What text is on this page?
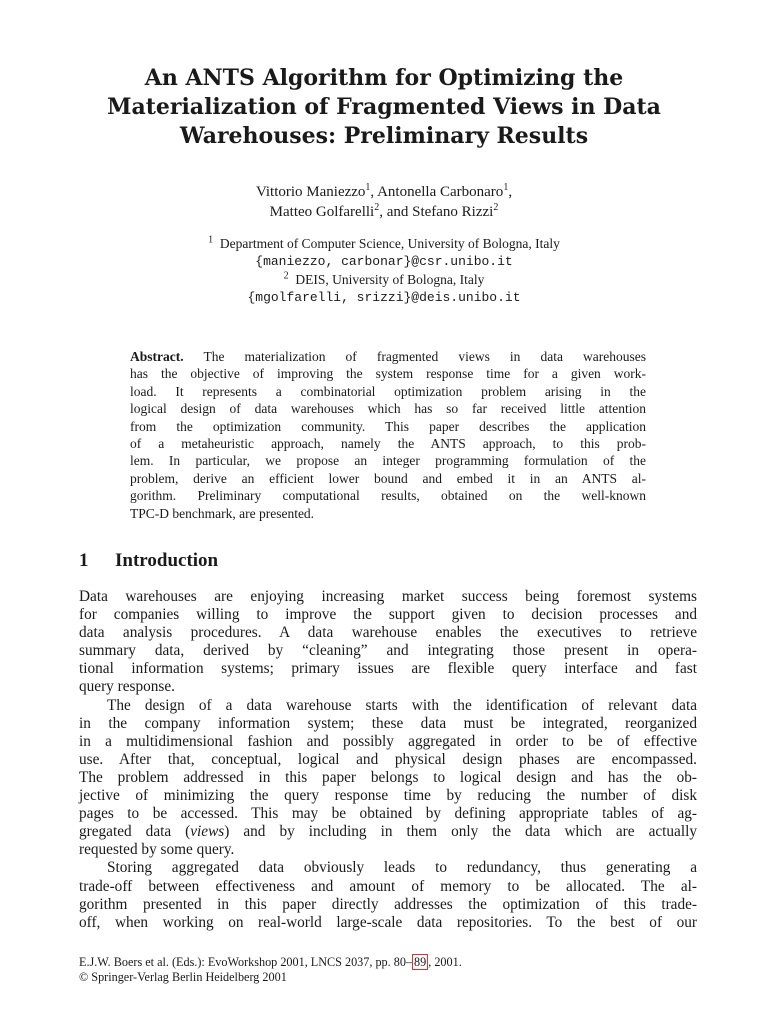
An ANTS Algorithm for Optimizing the
Materialization of Fragmented Views in Data
Warehouses: Preliminary Results
Vittorio Maniezzo$^1$, Antonella Carbonaro$^1$,
Matteo Golfarelli$^2$, and Stefano Rizzi$^2$
$^1$ Department of Computer Science, University of Bologna, Italy
{maniezzo, carbonar}@csr.unibo.it
$^2$ DEIS, University of Bologna, Italy
{mgolfarelli, srizzi}@deis.unibo.it
Abstract. The materialization of fragmented views in data warehouses
has the objective of improving the system response time for a given work-
load. It represents a combinatorial optimization problem arising in the
logical design of data warehouses which has so far received little attention
from the optimization community. This paper describes the application
of a metaheuristic approach, namely the ANTS approach, to this prob-
lem. In particular, we propose an integer programming formulation of the
problem, derive an efficient lower bound and embed it in an ANTS al-
gorithm. Preliminary computational results, obtained on the well-known
TPC-D benchmark, are presented.
1 Introduction
Data warehouses are enjoying increasing market success being foremost systems
for companies willing to improve the support given to decision processes and
data analysis procedures. A data warehouse enables the executives to retrieve
summary data, derived by “cleaning” and integrating those present in opera-
tional information systems; primary issues are flexible query interface and fast
query response.
The design of a data warehouse starts with the identification of relevant data
in the company information system; these data must be integrated, reorganized
in a multidimensional fashion and possibly aggregated in order to be of effective
use. After that, conceptual, logical and physical design phases are encompassed.
The problem addressed in this paper belongs to logical design and has the ob-
jective of minimizing the query response time by reducing the number of disk
pages to be accessed. This may be obtained by defining appropriate tables of ag-
gregated data (views) and by including in them only the data which are actually
requested by some query.
Storing aggregated data obviously leads to redundancy, thus generating a
trade-off between effectiveness and amount of memory to be allocated. The al-
gorithm presented in this paper directly addresses the optimization of this trade-
off, when working on real-world large-scale data repositories. To the best of our
E.J.W. Boers et al. (Eds.): EvoWorkshop 2001, LNCS 2037, pp. 80– 89 , 2001.
© Springer-Verlag Berlin Heidelberg 2001
